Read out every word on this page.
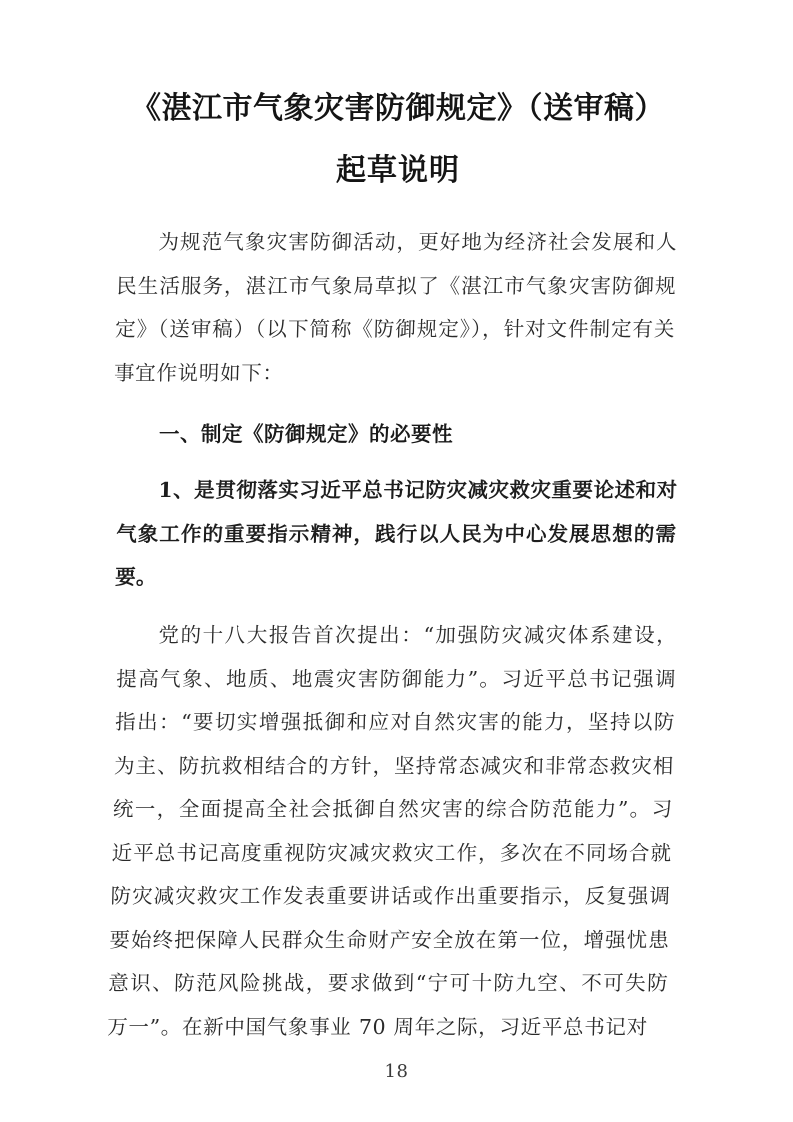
《湛江市气象灾害防御规定》（送审稿）
起草说明

为规范气象灾害防御活动，更好地为经济社会发展和人民生活服务，湛江市气象局草拟了《湛江市气象灾害防御规定》（送审稿）（以下简称《防御规定》），针对文件制定有关事宜作说明如下：

一、制定《防御规定》的必要性

1、是贯彻落实习近平总书记防灾减灾救灾重要论述和对气象工作的重要指示精神，践行以人民为中心发展思想的需要。

党的十八大报告首次提出：“加强防灾减灾体系建设，提高气象、地质、地震灾害防御能力”。习近平总书记强调指出：“要切实增强抵御和应对自然灾害的能力，坚持以防为主、防抗救相结合的方针，坚持常态减灾和非常态救灾相统一，全面提高全社会抵御自然灾害的综合防范能力”。习近平总书记高度重视防灾减灾救灾工作，多次在不同场合就防灾减灾救灾工作发表重要讲话或作出重要指示，反复强调要始终把保障人民群众生命财产安全放在第一位，增强忧患意识、防范风险挑战，要求做到“宁可十防九空、不可失防万一”。在新中国气象事业 70 周年之际，习近平总书记对

18
